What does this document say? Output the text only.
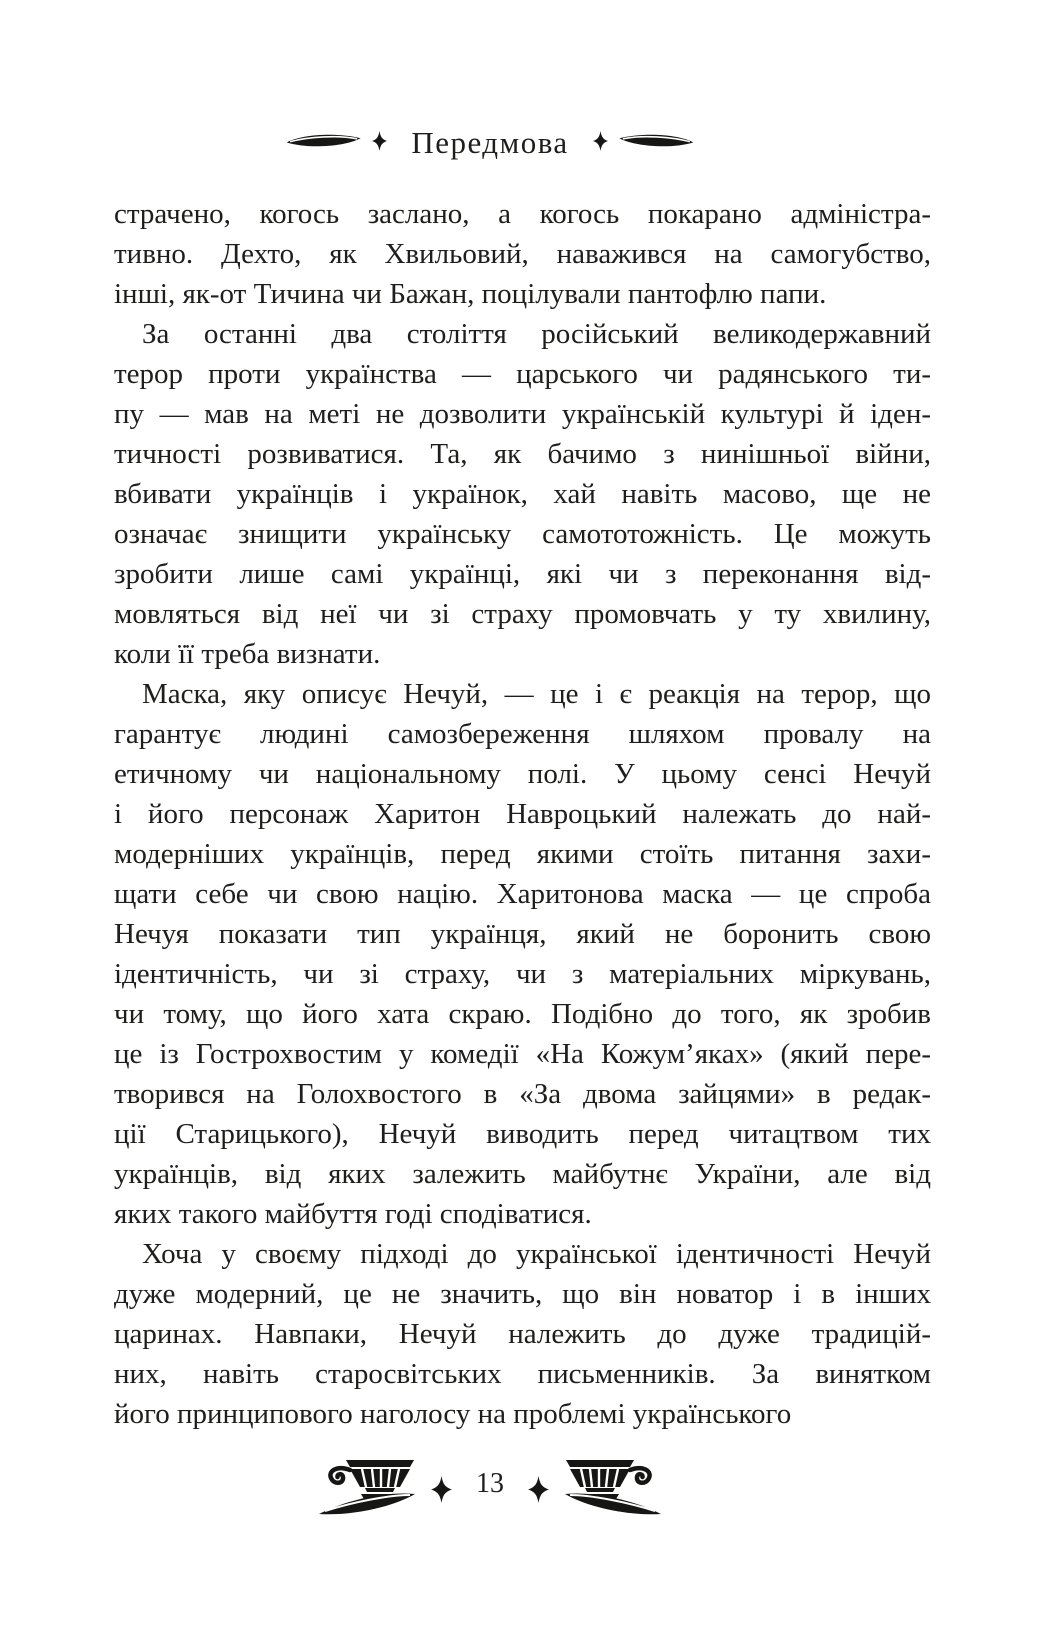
Передмова
страчено, когось заслано, а когось покарано адміністра-
тивно. Дехто, як Хвильовий, наважився на самогубство,
інші, як-от Тичина чи Бажан, поцілували пантофлю папи.
За останні два століття російський великодержавний
терор проти українства — царського чи радянського ти-
пу — мав на меті не дозволити українській культурі й іден-
тичності розвиватися. Та, як бачимо з нинішньої війни,
вбивати українців і українок, хай навіть масово, ще не
означає знищити українську самототожність. Це можуть
зробити лише самі українці, які чи з переконання від-
мовляться від неї чи зі страху промовчать у ту хвилину,
коли її треба визнати.
Маска, яку описує Нечуй, — це і є реакція на терор, що
гарантує людині самозбереження шляхом провалу на
етичному чи національному полі. У цьому сенсі Нечуй
і його персонаж Харитон Навроцький належать до най-
модерніших українців, перед якими стоїть питання захи-
щати себе чи свою націю. Харитонова маска — це спроба
Нечуя показати тип українця, який не боронить свою
ідентичність, чи зі страху, чи з матеріальних міркувань,
чи тому, що його хата скраю. Подібно до того, як зробив
це із Гострохвостим у комедії «На Кожум’яках» (який пере-
творився на Голохвостого в «За двома зайцями» в редак-
ції Старицького), Нечуй виводить перед читацтвом тих
українців, від яких залежить майбутнє України, але від
яких такого майбуття годі сподіватися.
Хоча у своєму підході до української ідентичності Нечуй
дуже модерний, це не значить, що він новатор і в інших
царинах. Навпаки, Нечуй належить до дуже традицій-
них, навіть старосвітських письменників. За винятком
його принципового наголосу на проблемі українського
13
